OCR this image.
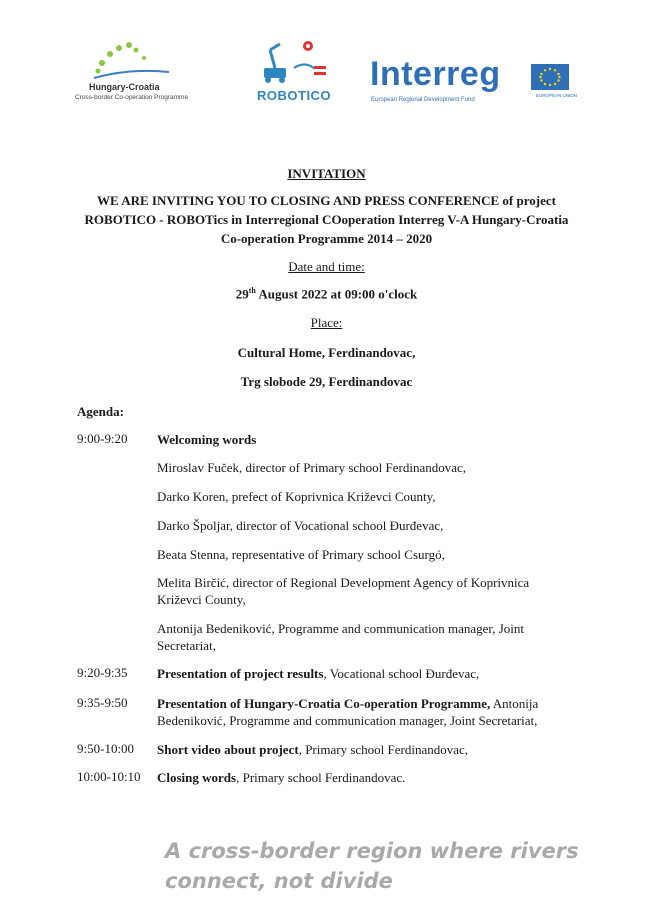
Hungary-Croatia
Cross-border Co-operation Programme	ROBOTICO
Interreg
European Regional Development Fund
EUROPEAN UNION
INVITATION
WE ARE INVITING YOU TO CLOSING AND PRESS CONFERENCE of project
ROBOTICO - ROBOTics in Interregional COoperation Interreg V-A Hungary-Croatia
Co-operation Programme 2014 – 2020
Date and time:
29th August 2022 at 09:00 o'clock
Place:
Cultural Home, Ferdinandovac,
Trg slobode 29, Ferdinandovac
Agenda:
9:00-9:20 Welcoming words
Miroslav Fuček, director of Primary school Ferdinandovac,
Darko Koren, prefect of Koprivnica Križevci County,
Darko Špoljar, director of Vocational school Đurđevac,
Beata Stenna, representative of Primary school Csurgó,
Melita Birčić, director of Regional Development Agency of Koprivnica Križevci County,
Antonija Bedeniković, Programme and communication manager, Joint Secretariat,
9:20-9:35 Presentation of project results, Vocational school Đurđevac,
9:35-9:50 Presentation of Hungary-Croatia Co-operation Programme, Antonija Bedeniković, Programme and communication manager, Joint Secretariat,
9:50-10:00 Short video about project, Primary school Ferdinandovac,
10:00-10:10 Closing words, Primary school Ferdinandovac.
A cross-border region where rivers
connect, not divide
